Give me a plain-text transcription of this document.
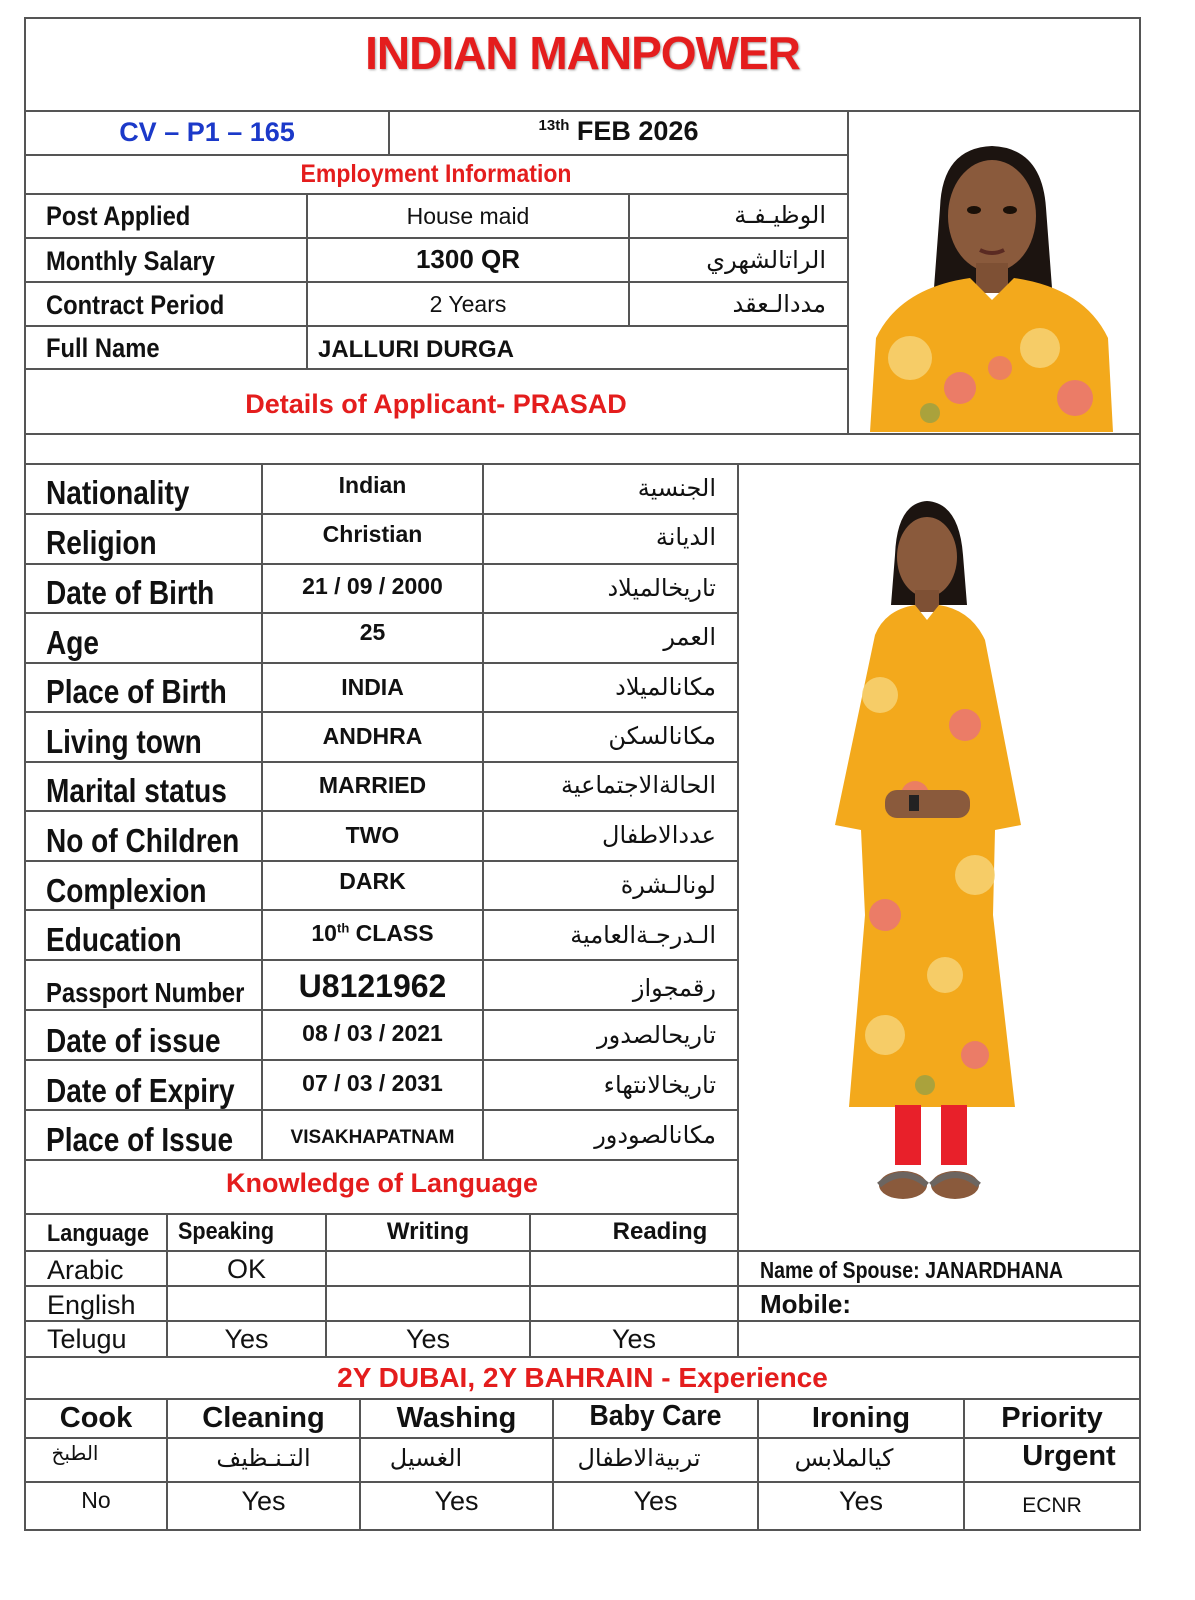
INDIAN MANPOWER
CV – P1 – 165	$^{13th}$ FEB 2026
Employment Information
Post Applied	House maid	الوظيـفـة
Monthly Salary	1300 QR	الراتالشهري
Contract Period	2 Years	مددالـعقد
Full Name	JALLURI DURGA
Details of Applicant- PRASAD
Nationality	Indian	الجنسية
Religion	Christian	الديانة
Date of Birth	21 / 09 / 2000	تاريخالميلاد
Age	25	العمر
Place of Birth	INDIA	مكانالميلاد
Living town	ANDHRA	مكانالسكن
Marital status	MARRIED	الحالةالاجتماعية
No of Children	TWO	عددالاطفال
Complexion	DARK	لونالـشرة
Education	10th CLASS	الـدرجـةالعامية
Passport Number	U8121962	رقمجواز
Date of issue	08 / 03 / 2021	تاريحالصدور
Date of Expiry	07 / 03 / 2031	تاريخالانتهاء
Place of Issue	VISAKHAPATNAM	مكانالصودور
Knowledge of Language
Language Speaking	Writing	Reading
Arabic	OK
English
Telugu	Yes	Yes	Yes
Name of Spouse: JANARDHANA
Mobile:
2Y DUBAI, 2Y BAHRAIN - Experience
Cook	Cleaning	Washing	Baby Care	Ironing	Priority
الطبخ	التـنـظيف	الغسيل	تربيةالاطفال	كيالملابس	Urgent
No	Yes	Yes	Yes	Yes	ECNR
